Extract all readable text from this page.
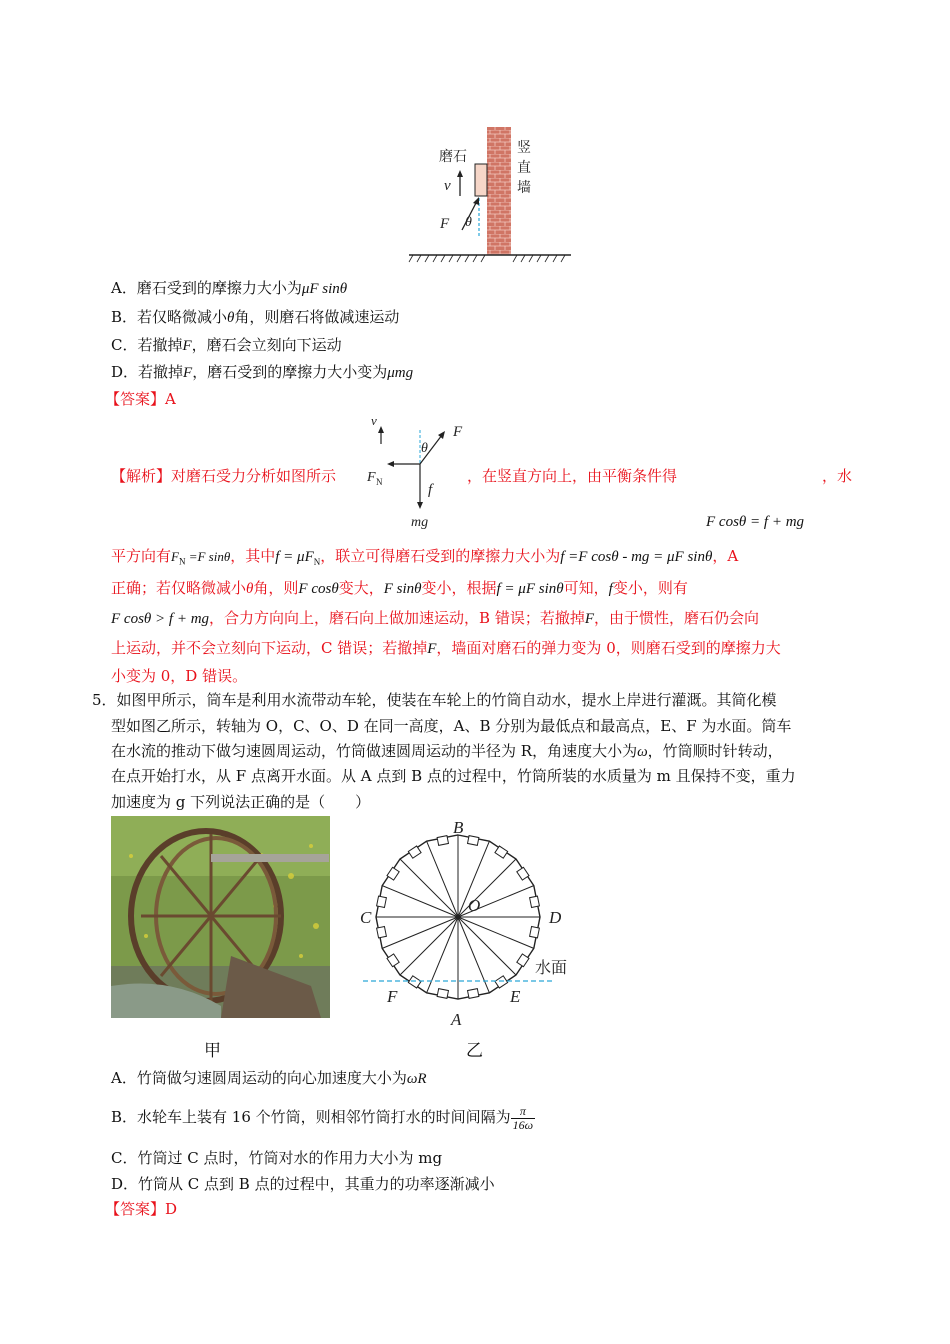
磨石
竖
直
墙
v
F θ
A．磨石受到的摩擦力大小为μF sinθ
B．若仅略微减小θ角，则磨石将做减速运动
C．若撤掉F，磨石会立刻向下运动
D．若撤掉F，磨石受到的摩擦力大小变为μmg
【答案】A
v
F
θ
F N	f
mg
【解析】对磨石受力分析如图所示	，在竖直方向上，由平衡条件得	，水
F cosθ = f + mg
平方向有$F_N =F$ sinθ，其中$f = \mu F_N$，联立可得磨石受到的摩擦力大小为f =F cosθ - mg = μF sinθ，A
正确；若仅略微减小θ角，则F cosθ变大，F sinθ变小，根据f = μF sinθ可知，f变小，则有
F cosθ > f + mg，合力方向向上，磨石向上做加速运动，B 错误；若撤掉F，由于惯性，磨石仍会向
上运动，并不会立刻向下运动，C 错误；若撤掉F，墙面对磨石的弹力变为 0，则磨石受到的摩擦力大
小变为 0，D 错误。
5．如图甲所示，筒车是利用水流带动车轮，使装在车轮上的竹筒自动水，提水上岸进行灌溉。其简化模
型如图乙所示，转轴为 O，C、O、D 在同一高度，A、B 分别为最低点和最高点，E、F 为水面。筒车
在水流的推动下做匀速圆周运动，竹筒做速圆周运动的半径为 R，角速度大小为ω，竹筒顺时针转动，
在点开始打水，从 F 点离开水面。从 A 点到 B 点的过程中，竹筒所装的水质量为 m 且保持不变，重力
加速度为 g 下列说法正确的是（　　）
甲
B
C
O
D
F	E
A
水面
乙
A．竹筒做匀速圆周运动的向心加速度大小为ωR
B．水轮车上装有 16 个竹筒，则相邻竹筒打水的时间间隔为 $\frac{\pi}{16\omega}$
C．竹筒过 C 点时，竹筒对水的作用力大小为 mg
D．竹筒从 C 点到 B 点的过程中，其重力的功率逐渐减小
【答案】D
